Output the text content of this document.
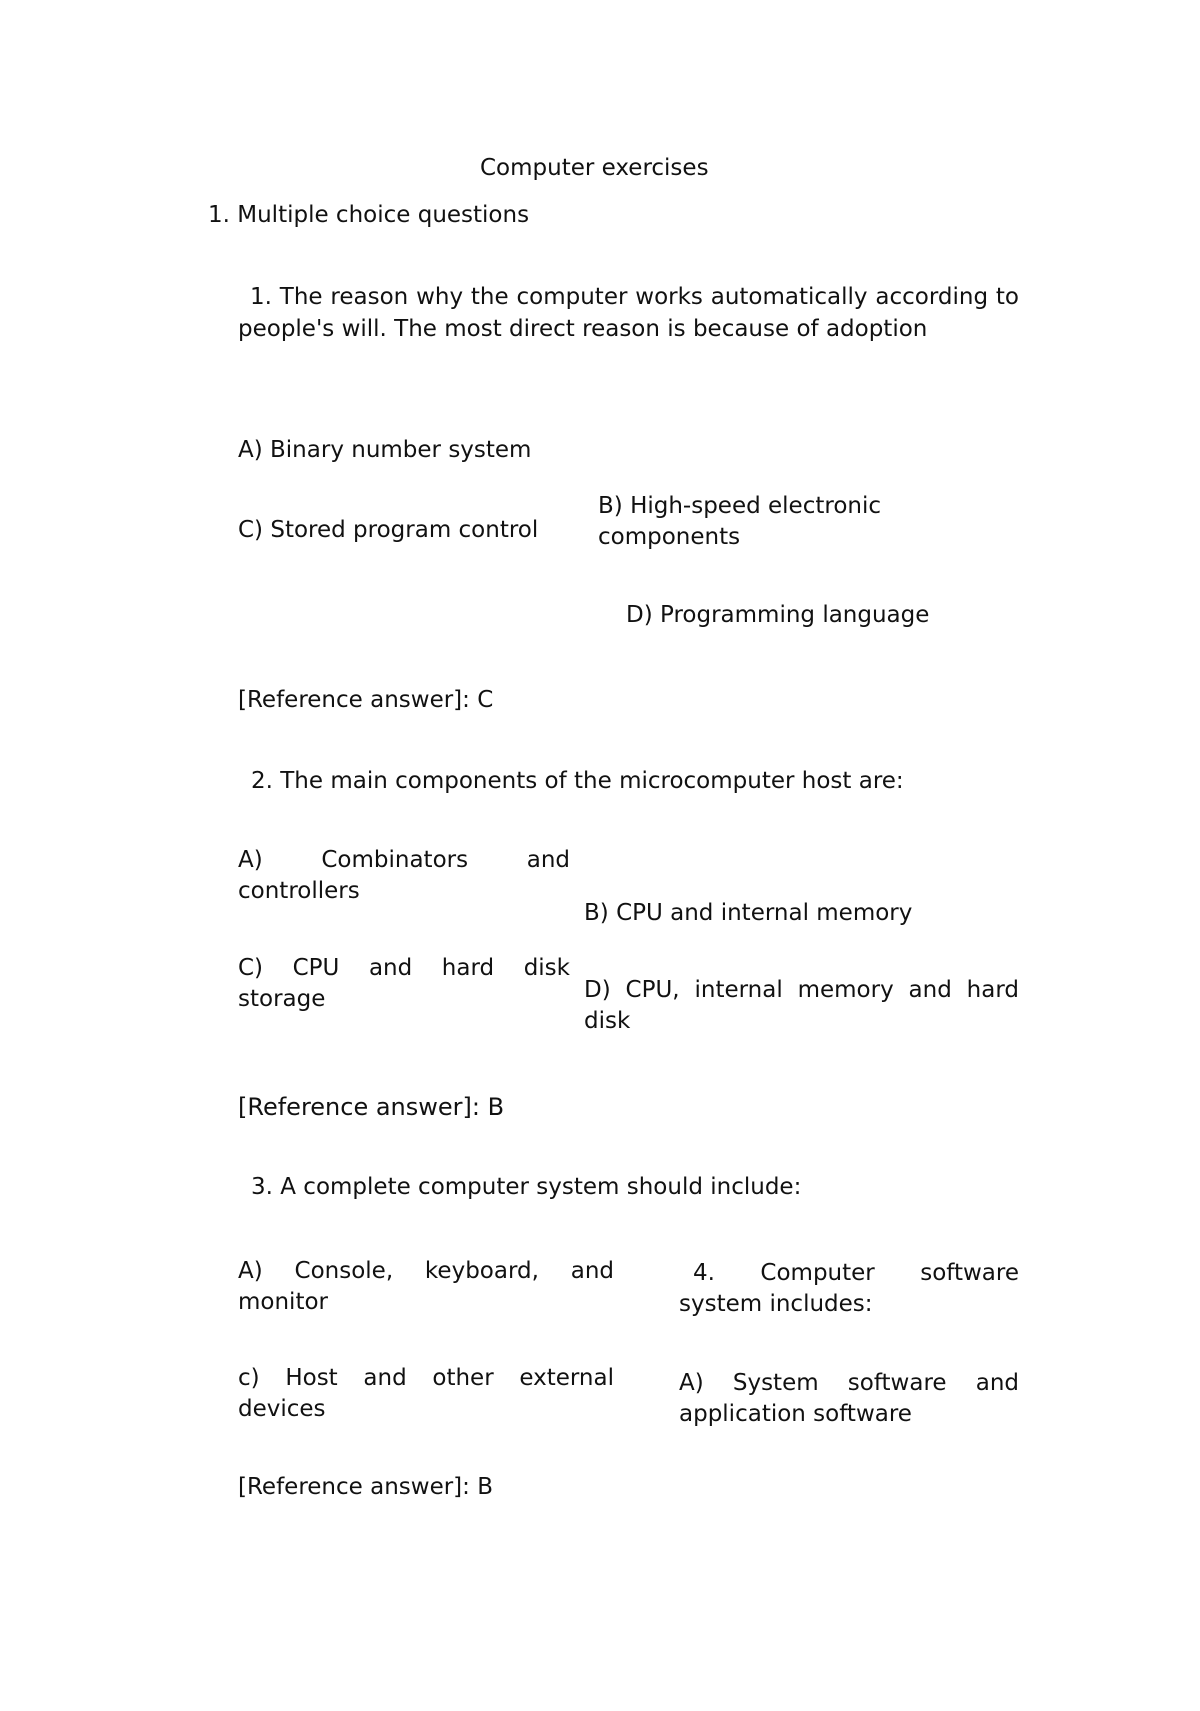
Computer exercises

1. Multiple choice questions

1. The reason why the computer works automatically according to people's will. The most direct reason is because of adoption

A) Binary number system

C) Stored program control

B) High-speed electronic components

D) Programming language

[Reference answer]: C

2. The main components of the microcomputer host are:

A) Combinators and controllers

B) CPU and internal memory

C) CPU and hard disk storage	D) CPU, internal memory and hard disk

[Reference answer]: B

3. A complete computer system should include:

A) Console, keyboard, and monitor

c) Host and other external devices

[Reference answer]: B

4. Computer software system includes:

A) System software and application software
